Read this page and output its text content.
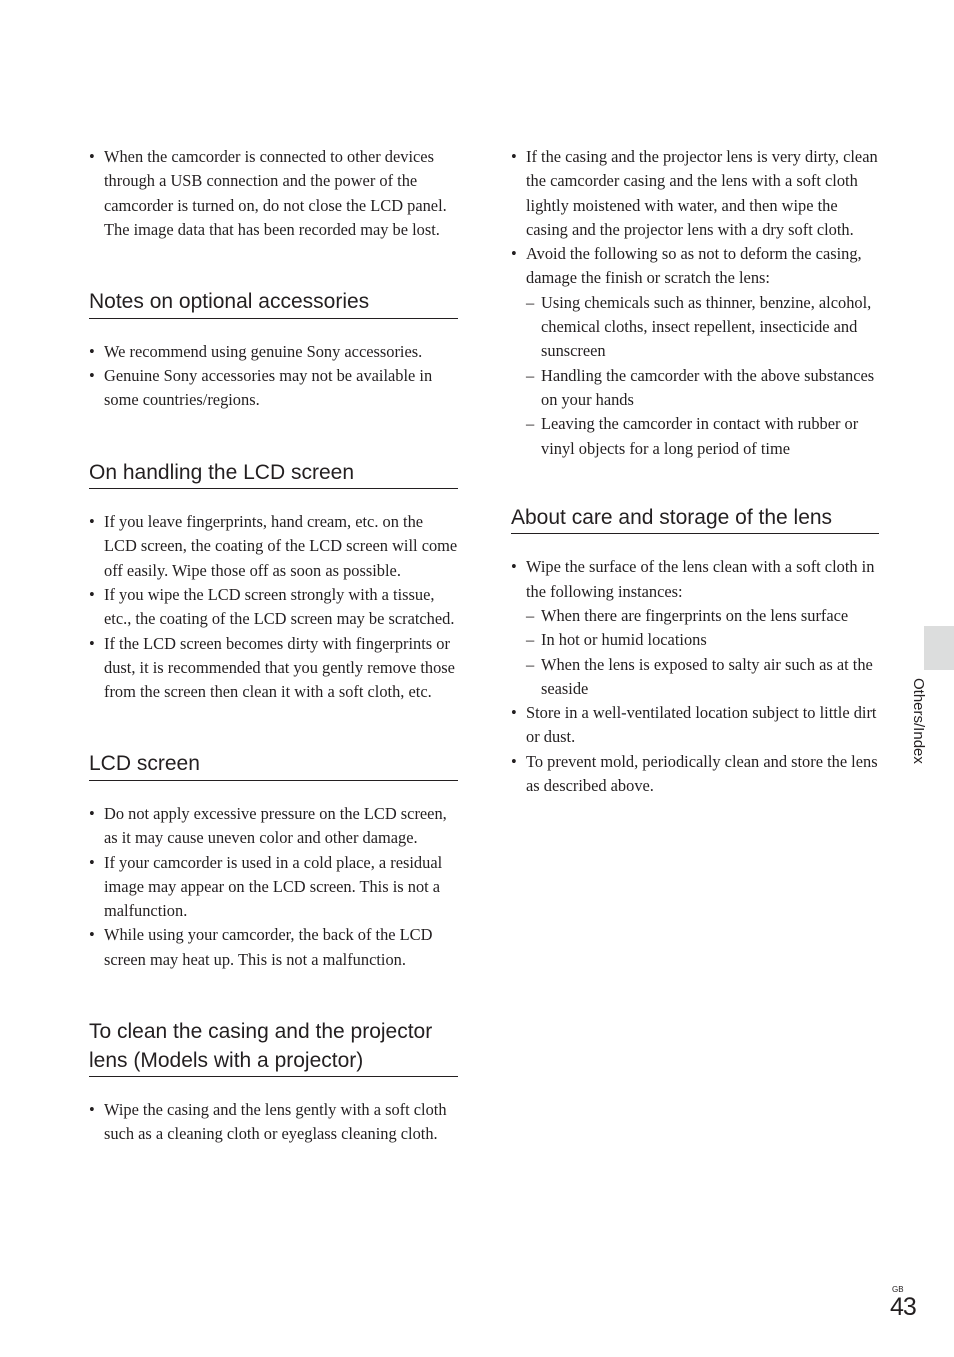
• When the camcorder is connected to other devices through a USB connection and the power of the camcorder is turned on, do not close the LCD panel. The image data that has been recorded may be lost.
Notes on optional accessories
• We recommend using genuine Sony accessories.
• Genuine Sony accessories may not be available in some countries/regions.
On handling the LCD screen
• If you leave fingerprints, hand cream, etc. on the LCD screen, the coating of the LCD screen will come off easily. Wipe those off as soon as possible.
• If you wipe the LCD screen strongly with a tissue, etc., the coating of the LCD screen may be scratched.
• If the LCD screen becomes dirty with fingerprints or dust, it is recommended that you gently remove those from the screen then clean it with a soft cloth, etc.
LCD screen
• Do not apply excessive pressure on the LCD screen, as it may cause uneven color and other damage.
• If your camcorder is used in a cold place, a residual image may appear on the LCD screen. This is not a malfunction.
• While using your camcorder, the back of the LCD screen may heat up. This is not a malfunction.
To clean the casing and the projector lens (Models with a projector)
• Wipe the casing and the lens gently with a soft cloth such as a cleaning cloth or eyeglass cleaning cloth.
• If the casing and the projector lens is very dirty, clean the camcorder casing and the lens with a soft cloth lightly moistened with water, and then wipe the casing and the projector lens with a dry soft cloth.
• Avoid the following so as not to deform the casing, damage the finish or scratch the lens:
– Using chemicals such as thinner, benzine, alcohol, chemical cloths, insect repellent, insecticide and sunscreen
– Handling the camcorder with the above substances on your hands
– Leaving the camcorder in contact with rubber or vinyl objects for a long period of time
About care and storage of the lens
• Wipe the surface of the lens clean with a soft cloth in the following instances:
– When there are fingerprints on the lens surface
– In hot or humid locations
– When the lens is exposed to salty air such as at the seaside
• Store in a well-ventilated location subject to little dirt or dust.
• To prevent mold, periodically clean and store the lens as described above.
Others/Index
GB
43
